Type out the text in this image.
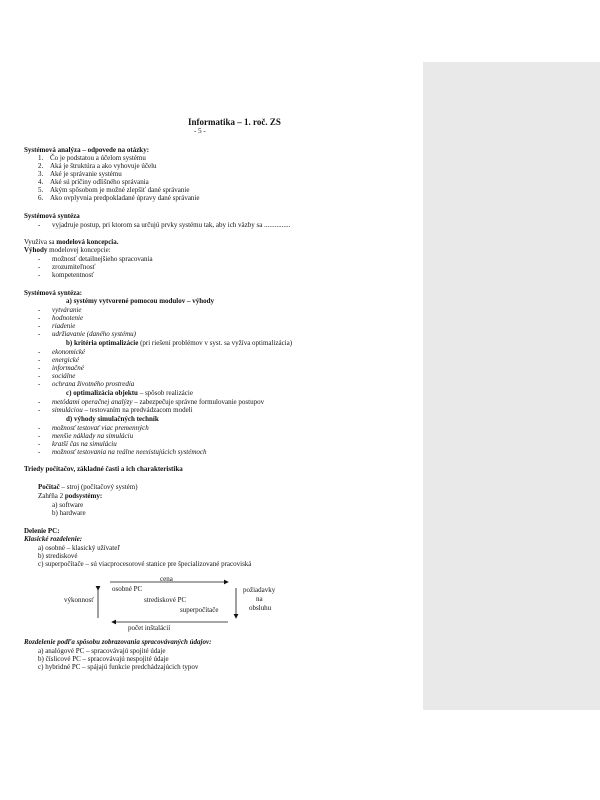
Informatika – 1. roč. ZS
- 5 -
Systémová analýza – odpovede na otázky:
1. Čo je podstatou a účelom systému
2. Aká je štruktúra a ako vyhovuje účelu
3. Aké je správanie systému
4. Aké sú príčiny odlišného správania
5. Akým spôsobom je možné zlepšiť dané správanie
6. Ako ovplyvnia predpokladané úpravy dané správanie
Systémová syntéza
- vyjadruje postup, pri ktorom sa určujú prvky systému tak, aby ich väzby sa ...............
Využíva sa modelová koncepcia.
Výhody modelovej koncepcie:
- možnosť detailnejšieho spracovania
- zrozumiteľnosť
- kompetentnosť
Systémová syntéza:
a) systémy vytvorené pomocou modulov – výhody
- vytváranie
- hodnotenie
- riadenie
- udržiavanie (daného systému)
b) kritéria optimalizácie (pri riešení problémov v syst. sa vyžíva optimalizácia)
- ekonomické
- energické
- informačné
- sociálne
- ochrana životného prostredia
c) optimalizácia objektu – spôsob realizácie
- metódami operačnej analýzy – zabezpečuje správne formulovanie postupov
- simuláciou – testovaním na predvádzacom modeli
d) výhody simulačných techník
- možnosť testovať viac premenných
- menšie náklady na simuláciu
- kratší čas na simuláciu
- možnosť testovania na reálne neexistujúcich systémoch
Triedy počítačov, základné časti a ich charakteristika
Počítač – stroj (počítačový systém)
Zahŕňa 2 podsystémy:
a) software
b) hardware
Delenie PC:
Klasické rozdelenie:
a) osobné – klasický užívateľ
b) strediskové
c) superpočítače – sú viacprocesorové stanice pre špecializované pracoviská
cena
osobné PC
výkonnosť	strediskové PC
superpočítače
požiadavky
na
obsluhu
počet inštalácií
Rozdelenie podľa spôsobu zobrazovania spracovávaných údajov:
a) analógové PC – spracovávajú spojité údaje
b) číslicové PC – spracovávajú nespojité údaje
c) hybridné PC – spájajú funkcie predchádzajúcich typov
